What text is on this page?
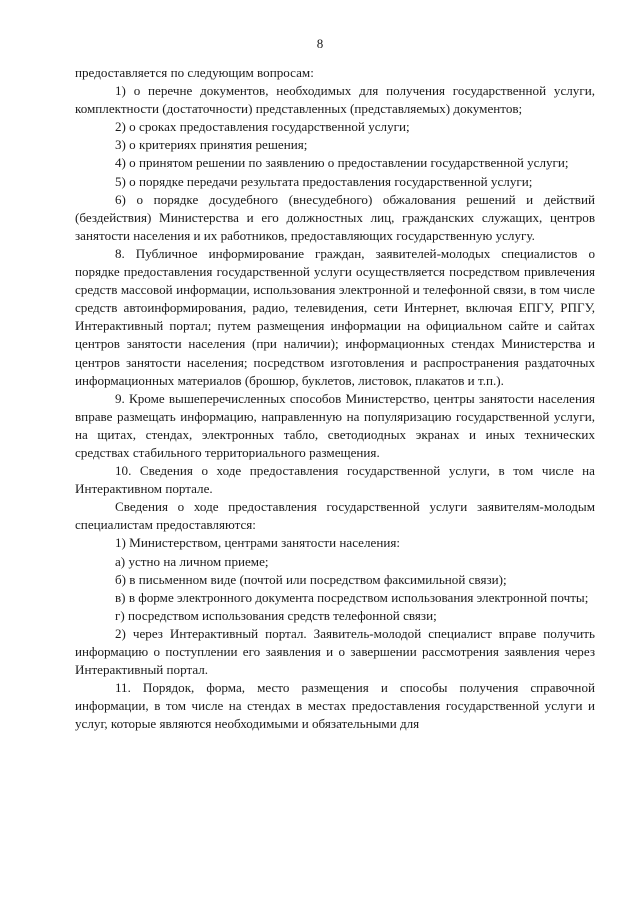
8

предоставляется по следующим вопросам:

1) о перечне документов, необходимых для получения государственной услуги, комплектности (достаточности) представленных (представляемых) документов;

2) о сроках предоставления государственной услуги;

3) о критериях принятия решения;

4) о принятом решении по заявлению о предоставлении государственной услуги;

5) о порядке передачи результата предоставления государственной услуги;

6) о порядке досудебного (внесудебного) обжалования решений и действий (бездействия) Министерства и его должностных лиц, гражданских служащих, центров занятости населения и их работников, предоставляющих государственную услугу.

8. Публичное информирование граждан, заявителей-молодых специалистов о порядке предоставления государственной услуги осуществляется посредством привлечения средств массовой информации, использования электронной и телефонной связи, в том числе средств автоинформирования, радио, телевидения, сети Интернет, включая ЕПГУ, РПГУ, Интерактивный портал; путем размещения информации на официальном сайте и сайтах центров занятости населения (при наличии); информационных стендах Министерства и центров занятости населения; посредством изготовления и распространения раздаточных информационных материалов (брошюр, буклетов, листовок, плакатов и т.п.).

9. Кроме вышеперечисленных способов Министерство, центры занятости населения вправе размещать информацию, направленную на популяризацию государственной услуги, на щитах, стендах, электронных табло, светодиодных экранах и иных технических средствах стабильного территориального размещения.

10. Сведения о ходе предоставления государственной услуги, в том числе на Интерактивном портале.

Сведения о ходе предоставления государственной услуги заявителям-молодым специалистам предоставляются:

1) Министерством, центрами занятости населения:

а) устно на личном приеме;

б) в письменном виде (почтой или посредством факсимильной связи);

в) в форме электронного документа посредством использования электронной почты;

г) посредством использования средств телефонной связи;

2) через Интерактивный портал. Заявитель-молодой специалист вправе получить информацию о поступлении его заявления и о завершении рассмотрения заявления через Интерактивный портал.

11. Порядок, форма, место размещения и способы получения справочной информации, в том числе на стендах в местах предоставления государственной услуги и услуг, которые являются необходимыми и обязательными для
